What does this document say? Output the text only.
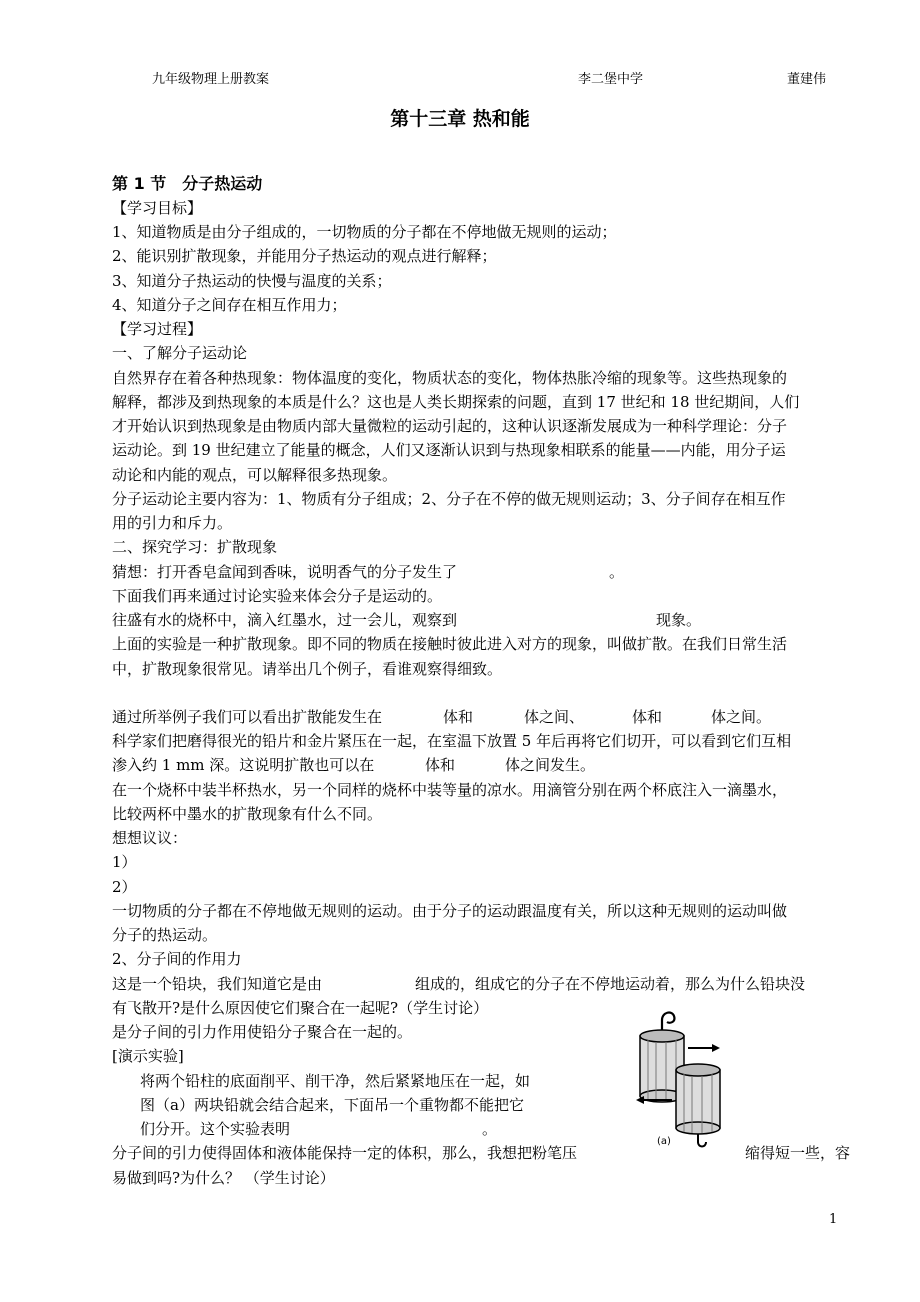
九年级物理上册教案	李二堡中学	董建伟
第十三章 热和能
第 1 节　分子热运动
【学习目标】
1、知道物质是由分子组成的，一切物质的分子都在不停地做无规则的运动；
2、能识别扩散现象，并能用分子热运动的观点进行解释；
3、知道分子热运动的快慢与温度的关系；
4、知道分子之间存在相互作用力；
【学习过程】
一、了解分子运动论
自然界存在着各种热现象：物体温度的变化，物质状态的变化，物体热胀冷缩的现象等。这些热现象的
解释，都涉及到热现象的本质是什么？这也是人类长期探索的问题，直到 17 世纪和 18 世纪期间，人们
才开始认识到热现象是由物质内部大量微粒的运动引起的，这种认识逐渐发展成为一种科学理论：分子
运动论。到 19 世纪建立了能量的概念，人们又逐渐认识到与热现象相联系的能量——内能，用分子运
动论和内能的观点，可以解释很多热现象。
分子运动论主要内容为：1、物质有分子组成；2、分子在不停的做无规则运动；3、分子间存在相互作
用的引力和斥力。
二、探究学习：扩散现象
猜想：打开香皂盒闻到香味，说明香气的分子发生了	。
下面我们再来通过讨论实验来体会分子是运动的。
往盛有水的烧杯中，滴入红墨水，过一会儿，观察到	现象。
上面的实验是一种扩散现象。即不同的物质在接触时彼此进入对方的现象，叫做扩散。在我们日常生活
中，扩散现象很常见。请举出几个例子，看谁观察得细致。
通过所举例子我们可以看出扩散能发生在	体和	体之间、	体和	体之间。
科学家们把磨得很光的铅片和金片紧压在一起，在室温下放置 5 年后再将它们切开，可以看到它们互相
渗入约 1 mm 深。这说明扩散也可以在	体和	体之间发生。
在一个烧杯中装半杯热水，另一个同样的烧杯中装等量的凉水。用滴管分别在两个杯底注入一滴墨水，
比较两杯中墨水的扩散现象有什么不同。
想想议议：
1）
2）
一切物质的分子都在不停地做无规则的运动。由于分子的运动跟温度有关，所以这种无规则的运动叫做
分子的热运动。
2、分子间的作用力
这是一个铅块，我们知道它是由	组成的，组成它的分子在不停地运动着，那么为什么铅块没
有飞散开?是什么原因使它们聚合在一起呢?（学生讨论）
是分子间的引力作用使铅分子聚合在一起的。
[演示实验]
将两个铅柱的底面削平、削干净，然后紧紧地压在一起，如
图（a）两块铅就会结合起来，下面吊一个重物都不能把它
们分开。这个实验表明	。
分子间的引力使得固体和液体能保持一定的体积，那么，我想把粉笔压	缩得短一些，容
易做到吗?为什么？ （学生讨论）
(a)
1
